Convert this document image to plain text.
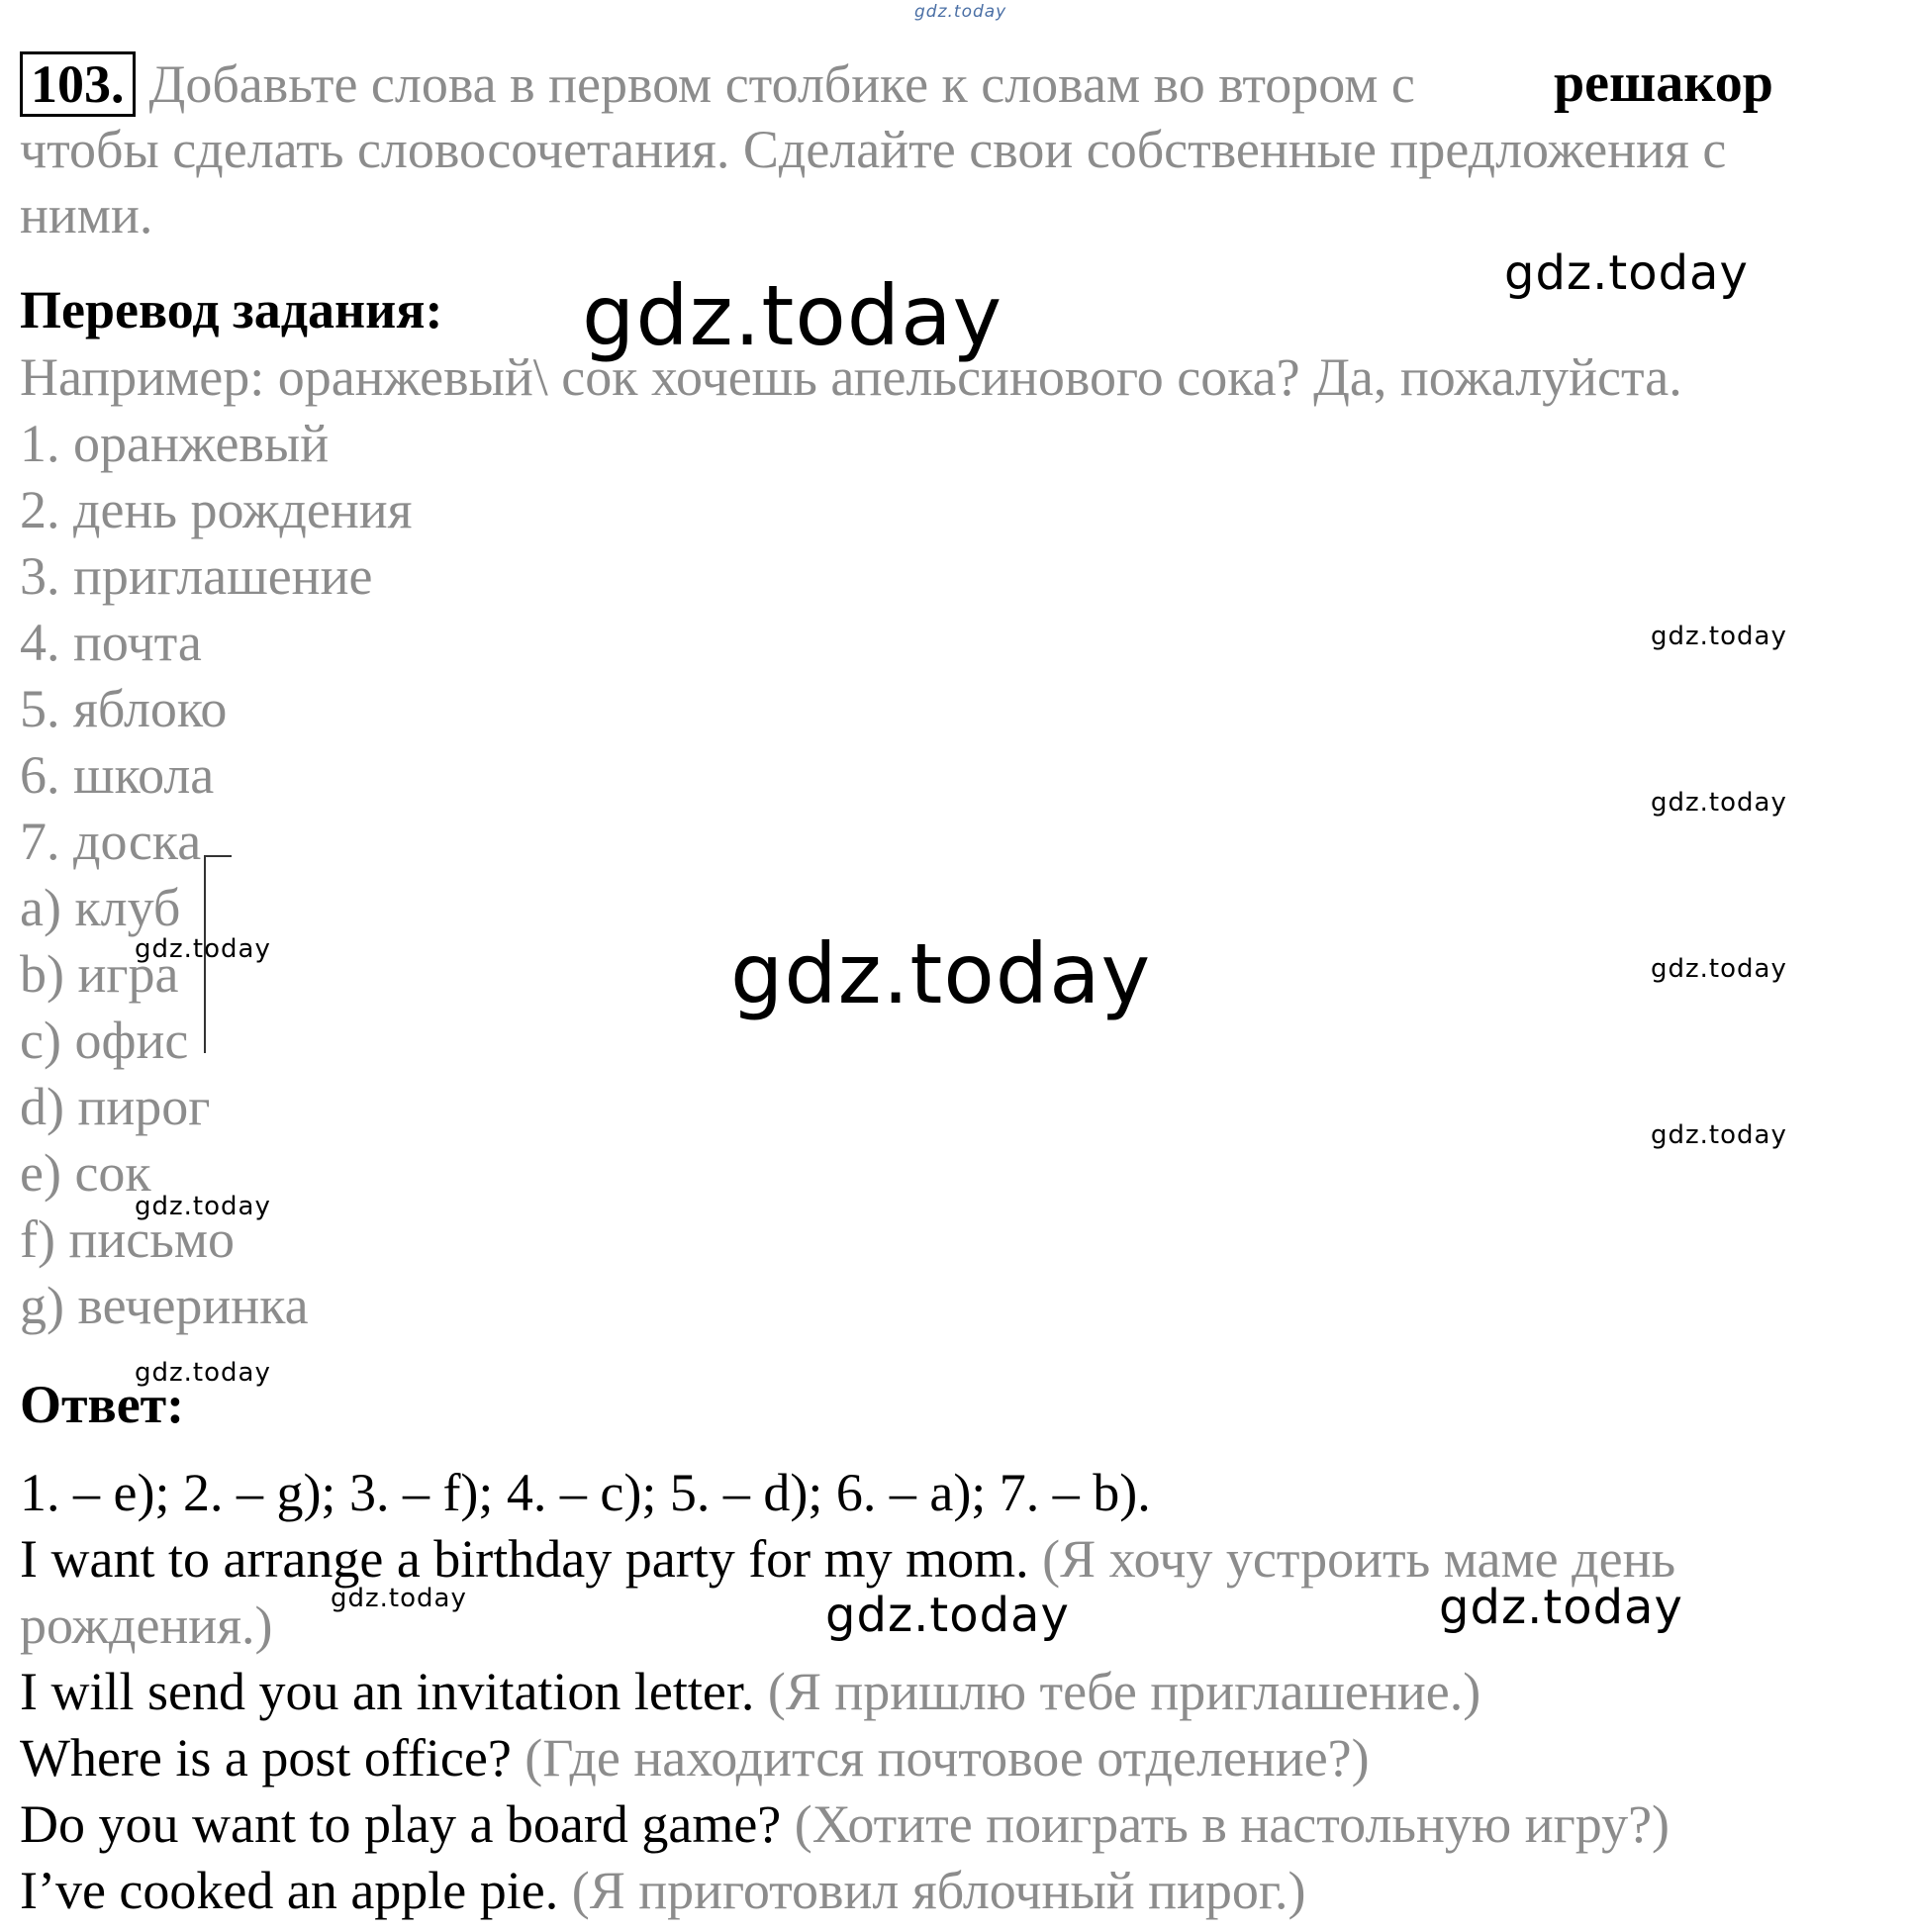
103. Добавьте слова в первом столбике к словам во втором с	решакор

чтобы сделать словосочетания. Сделайте свои собственные предложения с

ними.

Перевод задания:

Например: оранжевый\ сок хочешь апельсинового сока? Да, пожалуйста.

1. оранжевый

2. день рождения

3. приглашение

4. почта

5. яблоко

6. школа

7. доска

a) клуб

b) игра

c) офис

d) пирог

e) сок

f) письмо

g) вечеринка

Ответ:

1. – e); 2. – g); 3. – f); 4. – c); 5. – d); 6. – a); 7. – b).

I want to arrange a birthday party for my mom. (Я хочу устроить маме день

рождения.)

I will send you an invitation letter. (Я пришлю тебе приглашение.)

Where is a post office? (Где находится почтовое отделение?)

Do you want to play a board game? (Хотите поиграть в настольную игру?)

I’ve cooked an apple pie. (Я приготовил яблочный пирог.)

gdz.today
gdz.today
gdz.today
gdz.today
gdz.today
gdz.today	gdz.today	gdz.today
gdz.today
gdz.today
gdz.today
gdz.today	gdz.today	gdz.today
